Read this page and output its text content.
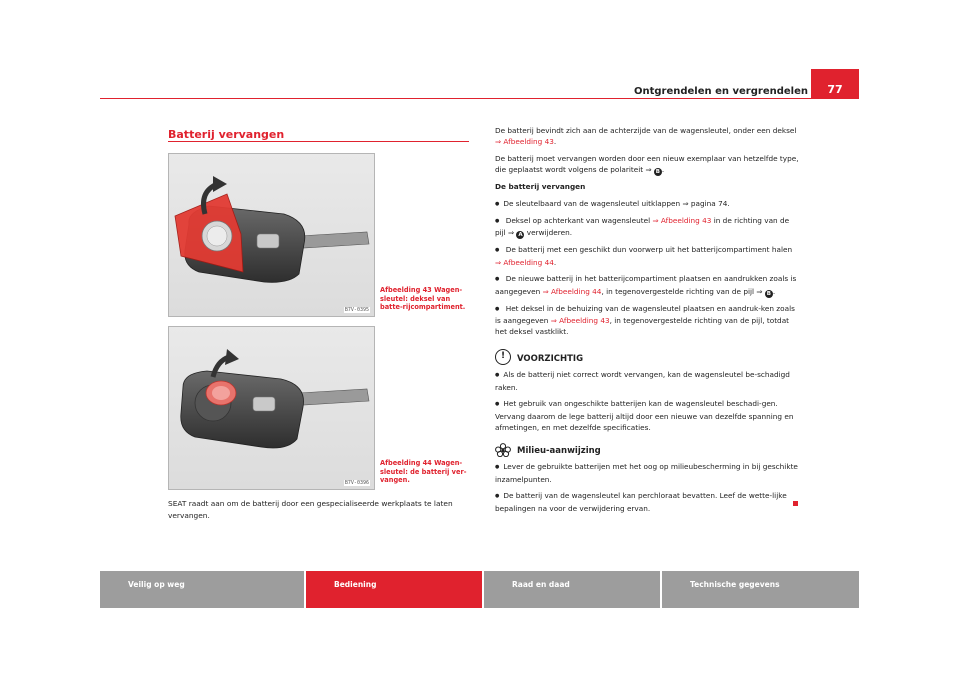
Ontgrendelen en vergrendelen	77
Batterij vervangen
B7V-0395
Afbeelding 43 Wagen-sleutel: deksel van batte-rijcompartiment.
B7V-0396
Afbeelding 44 Wagen-sleutel: de batterij ver-vangen.
SEAT raadt aan om de batterij door een gespecialiseerde werkplaats te laten vervangen.

De batterij bevindt zich aan de achterzijde van de wagensleutel, onder een deksel ⇒ Afbeelding 43.

De batterij moet vervangen worden door een nieuw exemplaar van hetzelfde type, die geplaatst wordt volgens de polariteit ⇒ B .

De batterij vervangen

● De sleutelbaard van de wagensleutel uitklappen ⇒ pagina 74.

● Deksel op achterkant van wagensleutel ⇒ Afbeelding 43 in de richting van de pijl ⇒ A verwijderen.

● De batterij met een geschikt dun voorwerp uit het batterijcompartiment halen ⇒ Afbeelding 44.

● De nieuwe batterij in het batterijcompartiment plaatsen en aandrukken zoals is aangegeven ⇒ Afbeelding 44, in tegenovergestelde richting van de pijl ⇒ B .

● Het deksel in de behuizing van de wagensleutel plaatsen en aandruk-ken zoals is aangegeven ⇒ Afbeelding 43, in tegenovergestelde richting van de pijl, totdat het deksel vastklikt.

!	VOORZICHTIG

● Als de batterij niet correct wordt vervangen, kan de wagensleutel be-schadigd raken.

● Het gebruik van ongeschikte batterijen kan de wagensleutel beschadi-gen. Vervang daarom de lege batterij altijd door een nieuwe van dezelfde spanning en afmetingen, en met dezelfde specificaties.

Milieu-aanwijzing

● Lever de gebruikte batterijen met het oog op milieubescherming in bij geschikte inzamelpunten.

● De batterij van de wagensleutel kan perchloraat bevatten. Leef de wette-lijke bepalingen na voor de verwijdering ervan.

Veilig op weg	Bediening	Raad en daad	Technische gegevens
